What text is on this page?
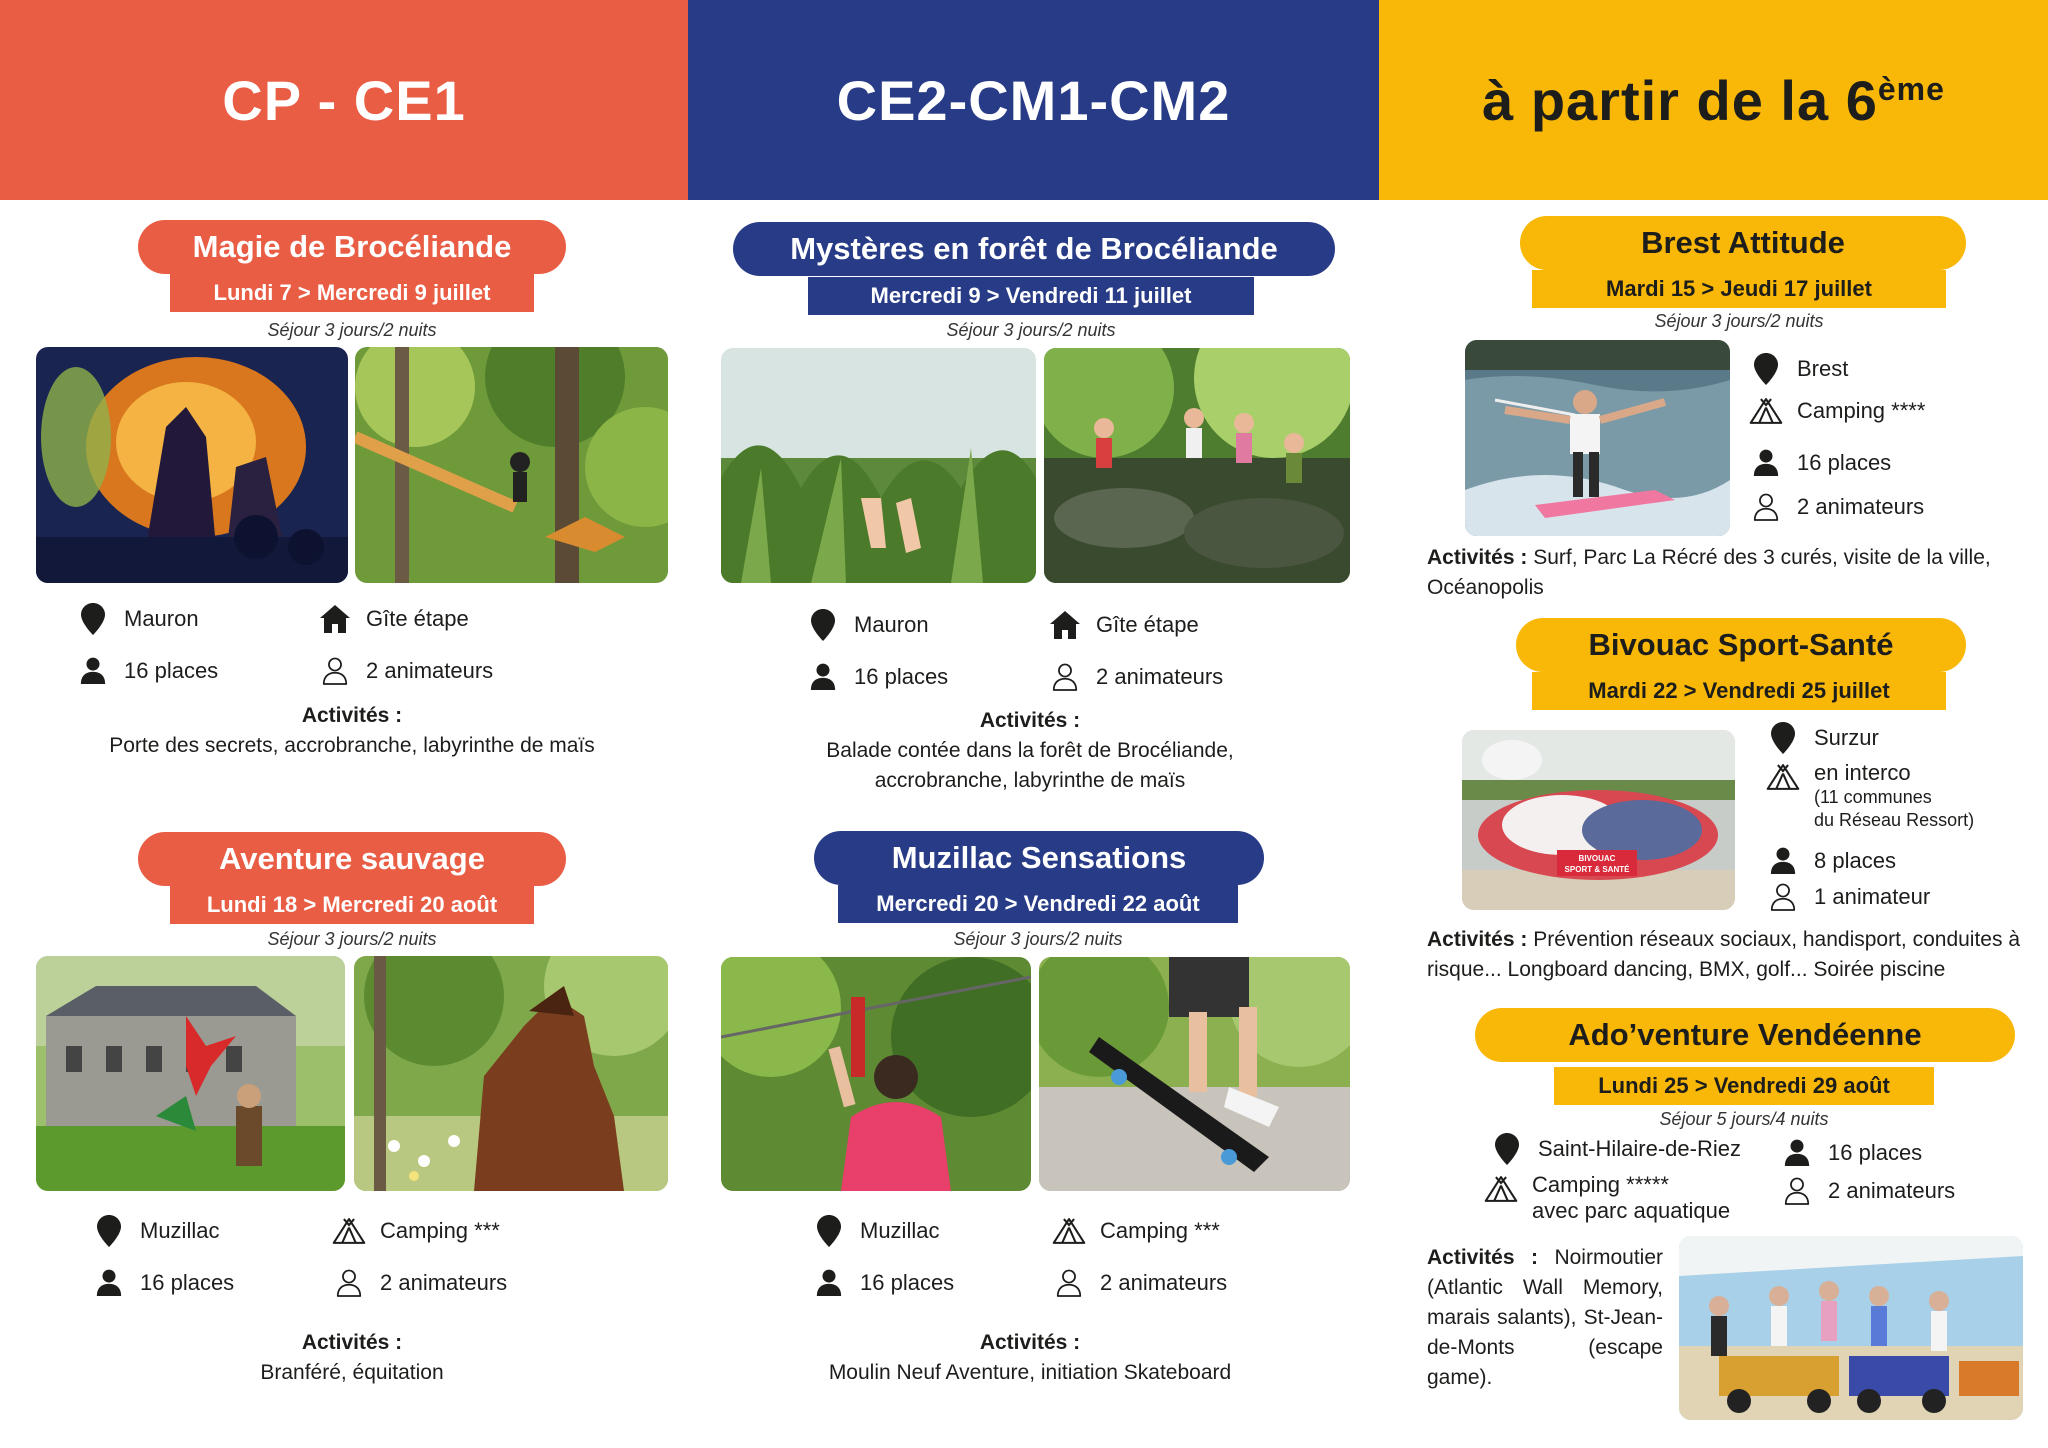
CP - CE1	CE2-CM1-CM2	à partir de la 6ème
Magie de Brocéliande
Lundi 7 > Mercredi 9 juillet
Séjour 3 jours/2 nuits
Mauron	Gîte étape
16 places	2 animateurs
Activités :
Porte des secrets, accrobranche, labyrinthe de maïs
Aventure sauvage
Lundi 18 > Mercredi 20 août
Séjour 3 jours/2 nuits
Muzillac	Camping ***
16 places	2 animateurs
Activités :
Branféré, équitation
Mystères en forêt de Brocéliande
Mercredi 9 > Vendredi 11 juillet
Séjour 3 jours/2 nuits
Mauron	Gîte étape
16 places	2 animateurs
Activités :
Balade contée dans la forêt de Brocéliande,
accrobranche, labyrinthe de maïs
Muzillac Sensations
Mercredi 20 > Vendredi 22 août
Séjour 3 jours/2 nuits
Muzillac	Camping ***
16 places	2 animateurs
Activités :
Moulin Neuf Aventure, initiation Skateboard
Brest Attitude
Mardi 15 > Jeudi 17 juillet
Séjour 3 jours/2 nuits
Brest
Camping ****
16 places
2 animateurs
Activités : Surf, Parc La Récré des 3 curés, visite de la ville, Océanopolis
Bivouac Sport-Santé
Mardi 22 > Vendredi 25 juillet
BIVOUAC
SPORT & SANTÉ
Surzur
en interco
(11 communes
du Réseau Ressort)
8 places
1 animateur
Activités : Prévention réseaux sociaux, handisport, conduites à risque... Longboard dancing, BMX, golf... Soirée piscine
Ado’venture Vendéenne
Lundi 25 > Vendredi 29 août
Séjour 5 jours/4 nuits
Saint-Hilaire-de-Riez
Camping *****
avec parc aquatique
16 places
2 animateurs
Activités : Noirmoutier (Atlantic Wall Memory, marais salants), St-Jean-de-Monts (escape game).
